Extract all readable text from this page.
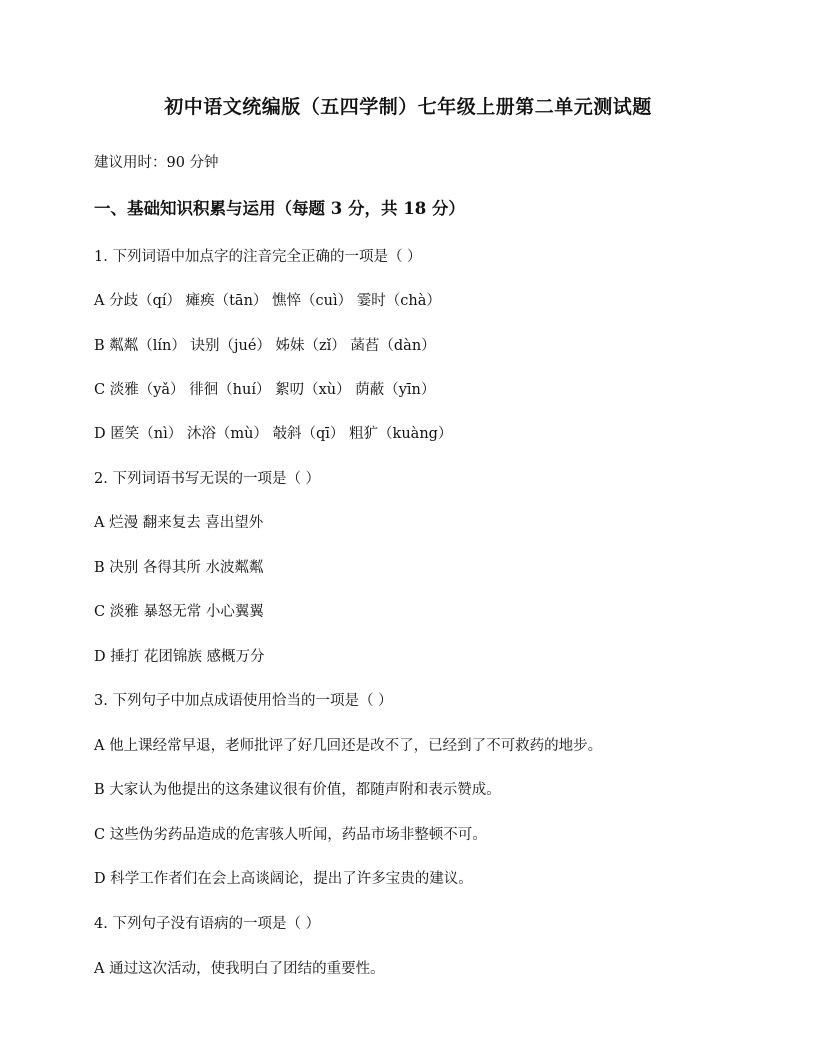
初中语文统编版（五四学制）七年级上册第二单元测试题
建议用时：90 分钟
一、基础知识积累与运用（每题 3 分，共 18 分）
1. 下列词语中加点字的注音完全正确的一项是（ ）
A 分歧（qí） 瘫痪（tān） 憔悴（cuì） 霎时（chà）
B 粼粼（lín） 诀别（jué） 姊妹（zǐ） 菡萏（dàn）
C 淡雅（yǎ） 徘徊（huí） 絮叨（xù） 荫蔽（yīn）
D 匿笑（nì） 沐浴（mù） 攲斜（qī） 粗犷（kuàng）
2. 下列词语书写无误的一项是（ ）
A 烂漫 翻来复去 喜出望外
B 决别 各得其所 水波粼粼
C 淡雅 暴怒无常 小心翼翼
D 捶打 花团锦族 感概万分
3. 下列句子中加点成语使用恰当的一项是（ ）
A 他上课经常早退，老师批评了好几回还是改不了，已经到了不可救药的地步。
B 大家认为他提出的这条建议很有价值，都随声附和表示赞成。
C 这些伪劣药品造成的危害骇人听闻，药品市场非整顿不可。
D 科学工作者们在会上高谈阔论，提出了许多宝贵的建议。
4. 下列句子没有语病的一项是（ ）
A 通过这次活动，使我明白了团结的重要性。
